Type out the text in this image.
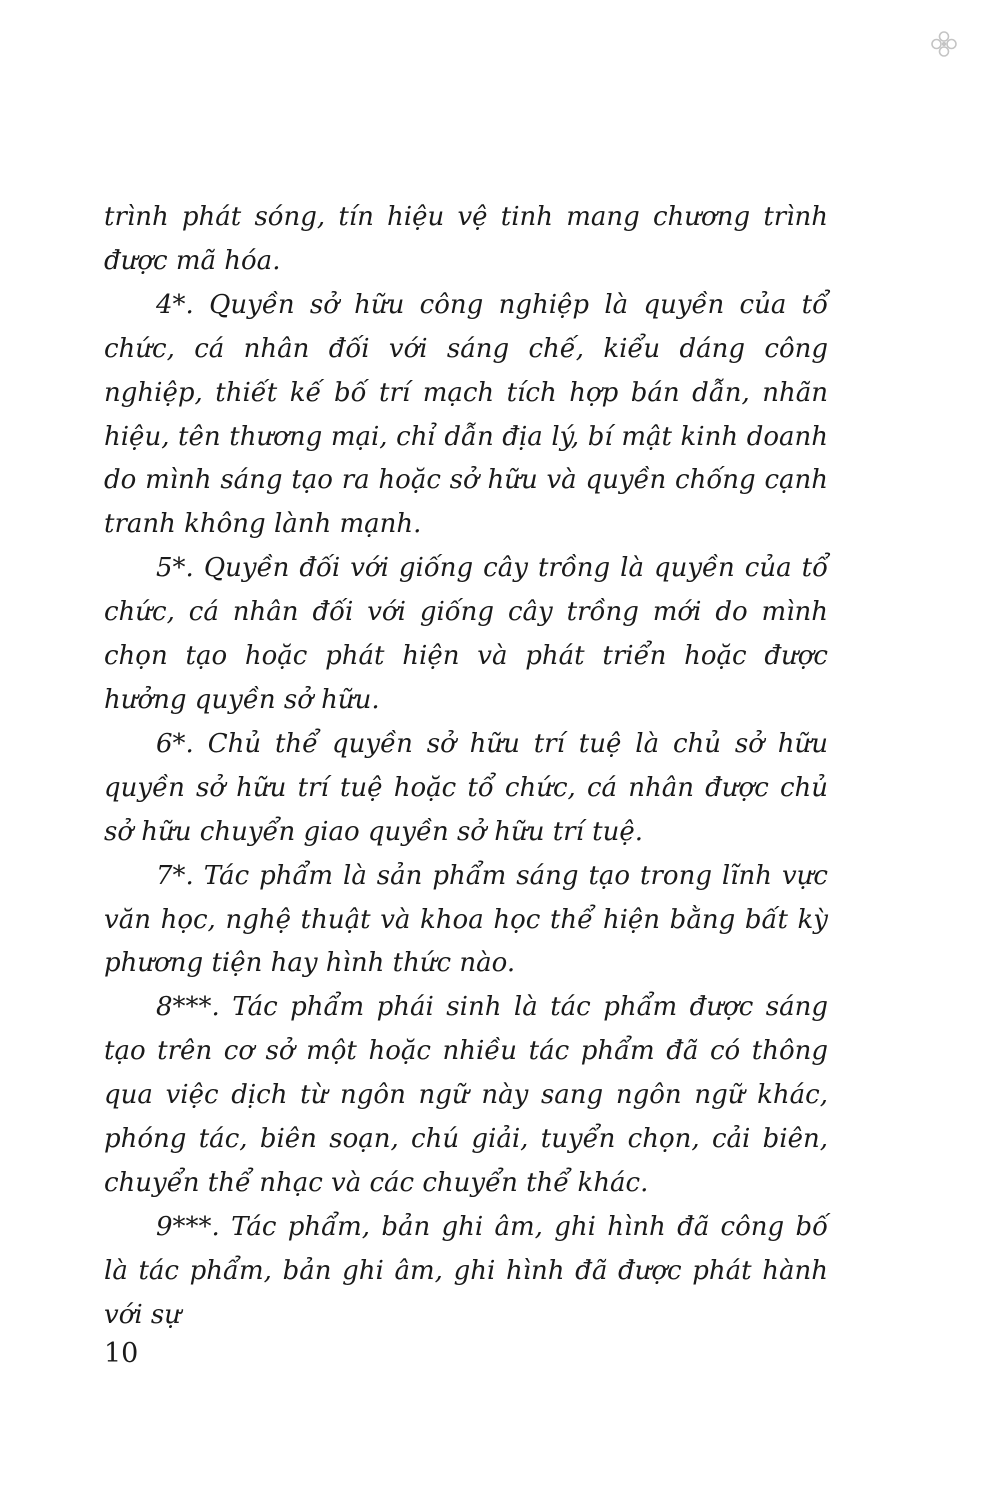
trình phát sóng, tín hiệu vệ tinh mang chương trình được mã hóa.

4*. Quyền sở hữu công nghiệp là quyền của tổ chức, cá nhân đối với sáng chế, kiểu dáng công nghiệp, thiết kế bố trí mạch tích hợp bán dẫn, nhãn hiệu, tên thương mại, chỉ dẫn địa lý, bí mật kinh doanh do mình sáng tạo ra hoặc sở hữu và quyền chống cạnh tranh không lành mạnh.

5*. Quyền đối với giống cây trồng là quyền của tổ chức, cá nhân đối với giống cây trồng mới do mình chọn tạo hoặc phát hiện và phát triển hoặc được hưởng quyền sở hữu.

6*. Chủ thể quyền sở hữu trí tuệ là chủ sở hữu quyền sở hữu trí tuệ hoặc tổ chức, cá nhân được chủ sở hữu chuyển giao quyền sở hữu trí tuệ.

7*. Tác phẩm là sản phẩm sáng tạo trong lĩnh vực văn học, nghệ thuật và khoa học thể hiện bằng bất kỳ phương tiện hay hình thức nào.

8***. Tác phẩm phái sinh là tác phẩm được sáng tạo trên cơ sở một hoặc nhiều tác phẩm đã có thông qua việc dịch từ ngôn ngữ này sang ngôn ngữ khác, phóng tác, biên soạn, chú giải, tuyển chọn, cải biên, chuyển thể nhạc và các chuyển thể khác.

9***. Tác phẩm, bản ghi âm, ghi hình đã công bố là tác phẩm, bản ghi âm, ghi hình đã được phát hành với sự

10
